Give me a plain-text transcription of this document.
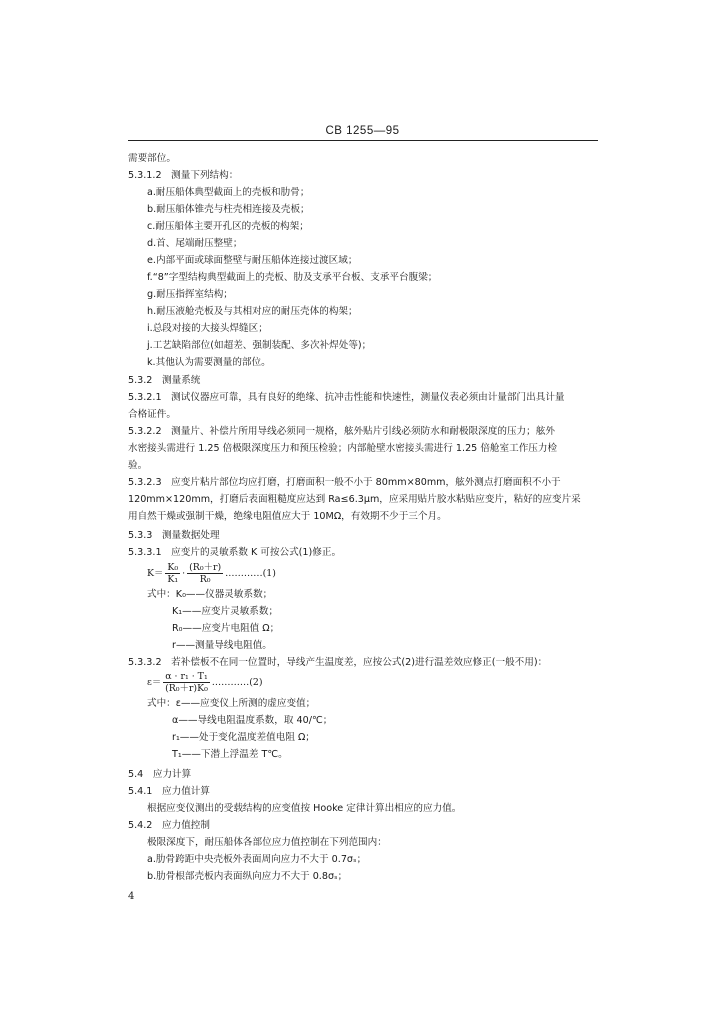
CB 1255—95
需要部位。
5.3.1.2　测量下列结构：
a.耐压船体典型截面上的壳板和肋骨；
b.耐压船体锥壳与柱壳相连接及壳板；
c.耐压船体主要开孔区的壳板的构架；
d.首、尾端耐压整壁；
e.内部平面或球面整壁与耐压船体连接过渡区域；
f.“8”字型结构典型截面上的壳板、肋及支承平台板、支承平台腹梁；
g.耐压指挥室结构；
h.耐压液舱壳板及与其相对应的耐压壳体的构架；
i.总段对接的大接头焊缝区；
j.工艺缺陷部位(如超差、强制装配、多次补焊处等)；
k.其他认为需要测量的部位。
5.3.2　测量系统
5.3.2.1　测试仪器应可靠，具有良好的绝缘、抗冲击性能和快速性，测量仪表必须由计量部门出具计量
合格证件。
5.3.2.2　测量片、补偿片所用导线必须同一规格，舷外贴片引线必须防水和耐极限深度的压力；舷外
水密接头需进行 1.25 倍极限深度压力和预压检验；内部舱壁水密接头需进行 1.25 倍舱室工作压力检
验。
5.3.2.3　应变片粘片部位均应打磨，打磨面积一般不小于 80mm×80mm，舷外测点打磨面积不小于
120mm×120mm，打磨后表面粗糙度应达到 Ra≤6.3μm，应采用贴片胶水粘贴应变片，粘好的应变片采
用自然干燥或强制干燥，绝缘电阻值应大于 10MΩ，有效期不少于三个月。
5.3.3　测量数据处理
5.3.3.1　应变片的灵敏系数 K 可按公式(1)修正。
$K= \frac{\text{K₀}}{\text{K₁}} \cdot \frac{\text{(R₀＋r)}}{\text{R₀}}$ …………(1)
式中：K₀——仪器灵敏系数；
K₁——应变片灵敏系数；
R₀——应变片电阻值 Ω；
r——测量导线电阻值。
5.3.3.2　若补偿板不在同一位置时，导线产生温度差，应按公式(2)进行温差效应修正(一般不用)：
$\varepsilon= \frac{\text{α · r₁ · T₁}}{\text{(R₀＋r)K₀}}$ …………(2)
式中：ε——应变仪上所测的虚应变值；
α——导线电阻温度系数，取 40/℃；
r₁——处于变化温度差值电阻 Ω；
T₁——下潜上浮温差 T℃。
5.4　应力计算
5.4.1　应力值计算
根据应变仪测出的受载结构的应变值按 Hooke 定律计算出相应的应力值。
5.4.2　应力值控制
极限深度下，耐压船体各部位应力值控制在下列范围内：
a.肋骨跨距中央壳板外表面周向应力不大于 0.7σₛ；
b.肋骨根部壳板内表面纵向应力不大于 0.8σₛ；
4
